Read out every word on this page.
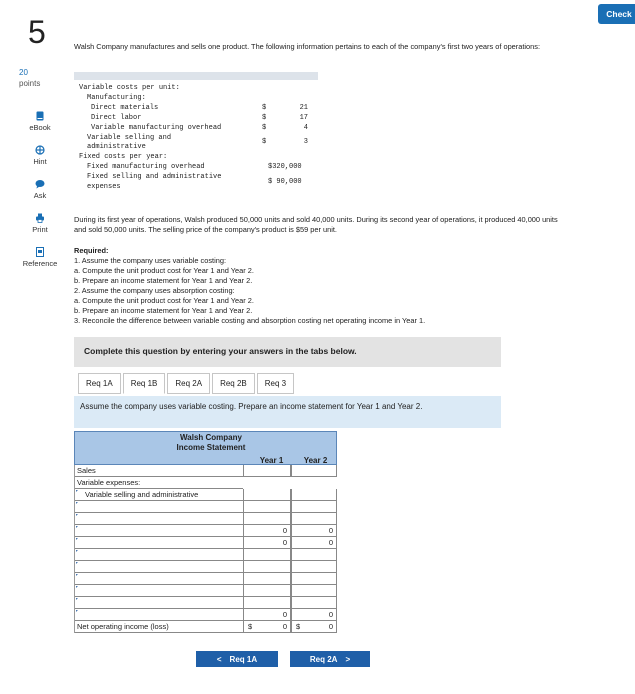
Check
5
20
points
eBook
Hint
Ask
Print
Reference
Walsh Company manufactures and sells one product. The following information pertains to each of the company's first two years of operations:
Variable costs per unit:
Manufacturing:
Direct materials	$	21
Direct labor	$	17
Variable manufacturing overhead	$	4
Variable selling and
administrative
$	3
Fixed costs per year:
Fixed manufacturing overhead	$320,000
Fixed selling and administrative
$ 90,000
expenses
During its first year of operations, Walsh produced 50,000 units and sold 40,000 units. During its second year of operations, it produced 40,000 units and sold 50,000 units. The selling price of the company's product is $59 per unit.
Required:
1. Assume the company uses variable costing:
a. Compute the unit product cost for Year 1 and Year 2.
b. Prepare an income statement for Year 1 and Year 2.
2. Assume the company uses absorption costing:
a. Compute the unit product cost for Year 1 and Year 2.
b. Prepare an income statement for Year 1 and Year 2.
3. Reconcile the difference between variable costing and absorption costing net operating income in Year 1.
Complete this question by entering your answers in the tabs below.
Req 1A	Req 1B	Req 2A	Req 2B	Req 3
Assume the company uses variable costing. Prepare an income statement for Year 1 and Year 2.
Walsh Company
Income Statement
Year 1	Year 2
Sales
Variable expenses:
Variable selling and administrative
0	0
0	0
0	0
Net operating income (loss)	$	0	$	0
< Req 1A	Req 2A >
